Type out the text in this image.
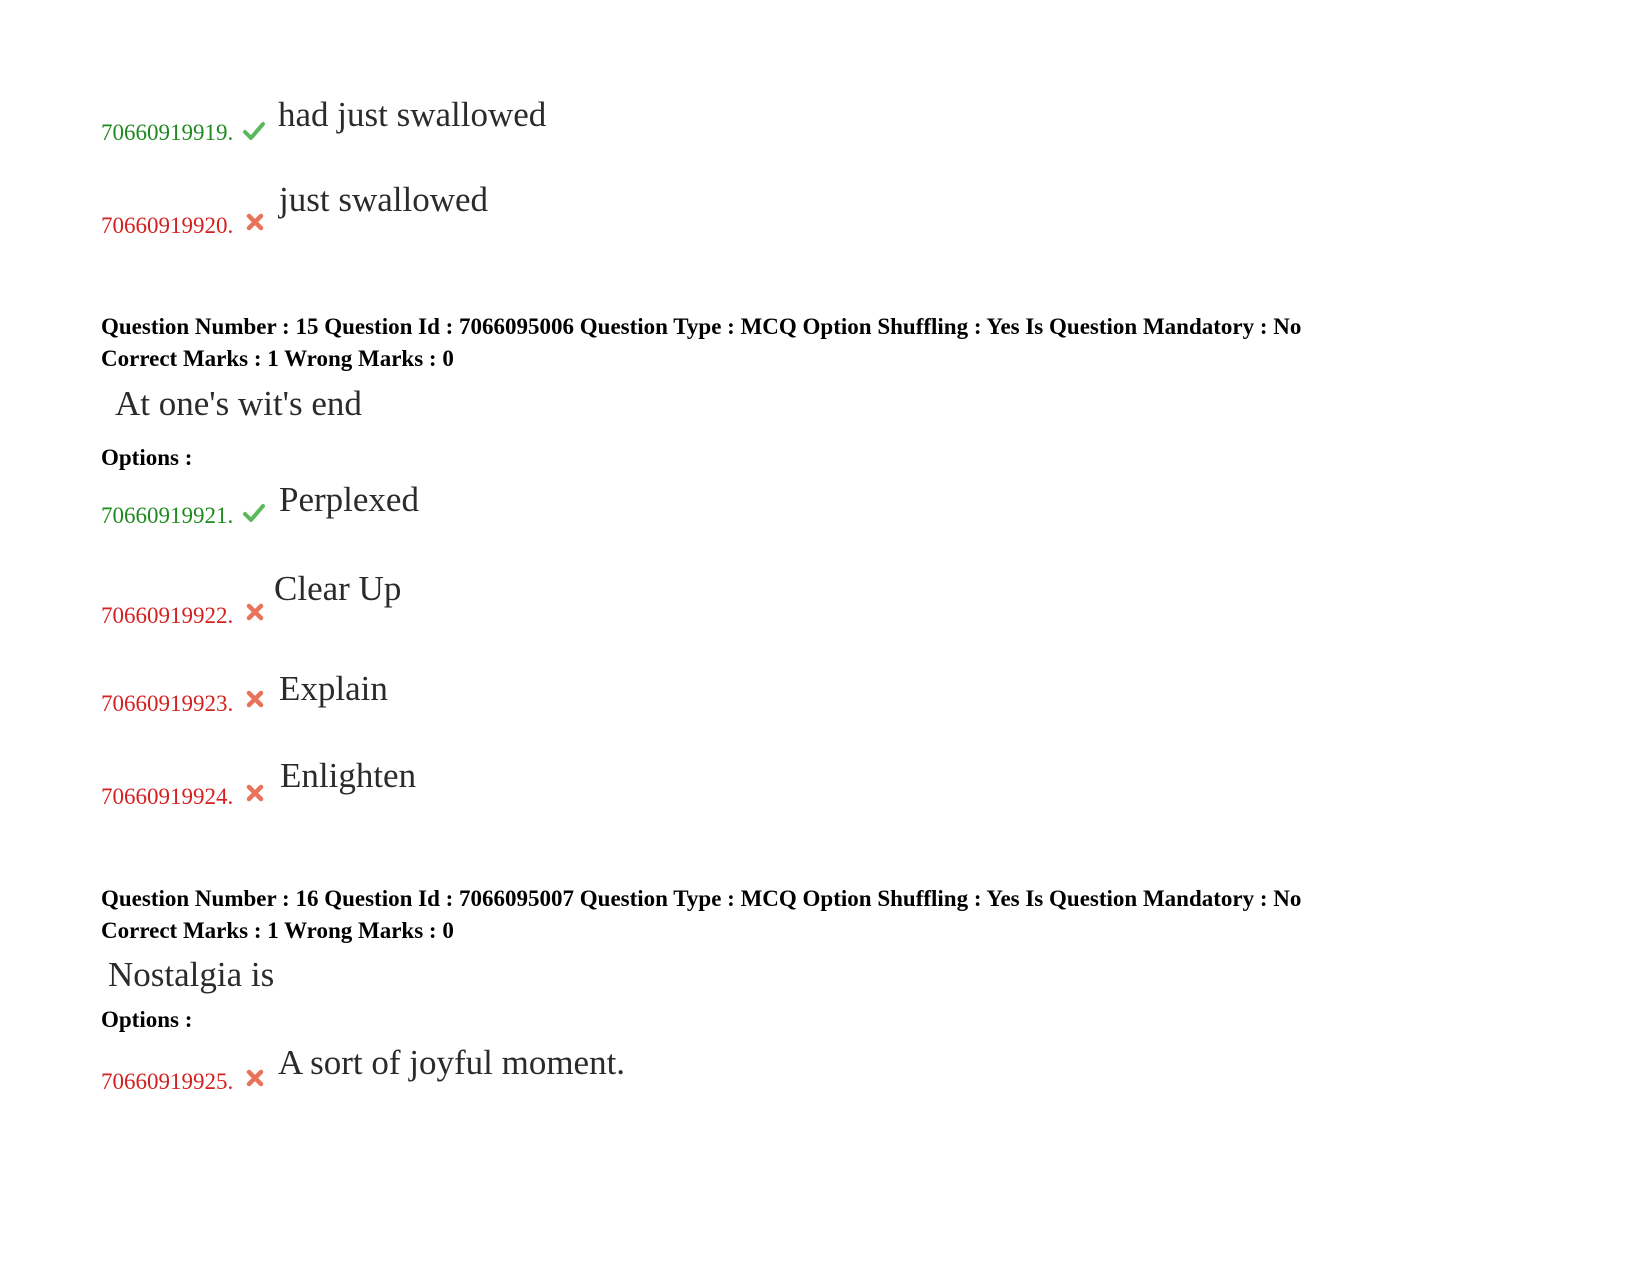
70660919919. had just swallowed
70660919920.
just swallowed
Question Number : 15 Question Id : 7066095006 Question Type : MCQ Option Shuffling : Yes Is Question Mandatory : No
Correct Marks : 1 Wrong Marks : 0
At one's wit's end
Options :
70660919921. Perplexed
70660919922.
Clear Up
70660919923. Explain
70660919924.
Enlighten
Question Number : 16 Question Id : 7066095007 Question Type : MCQ Option Shuffling : Yes Is Question Mandatory : No
Correct Marks : 1 Wrong Marks : 0
Nostalgia is
Options :
70660919925. A sort of joyful moment.
